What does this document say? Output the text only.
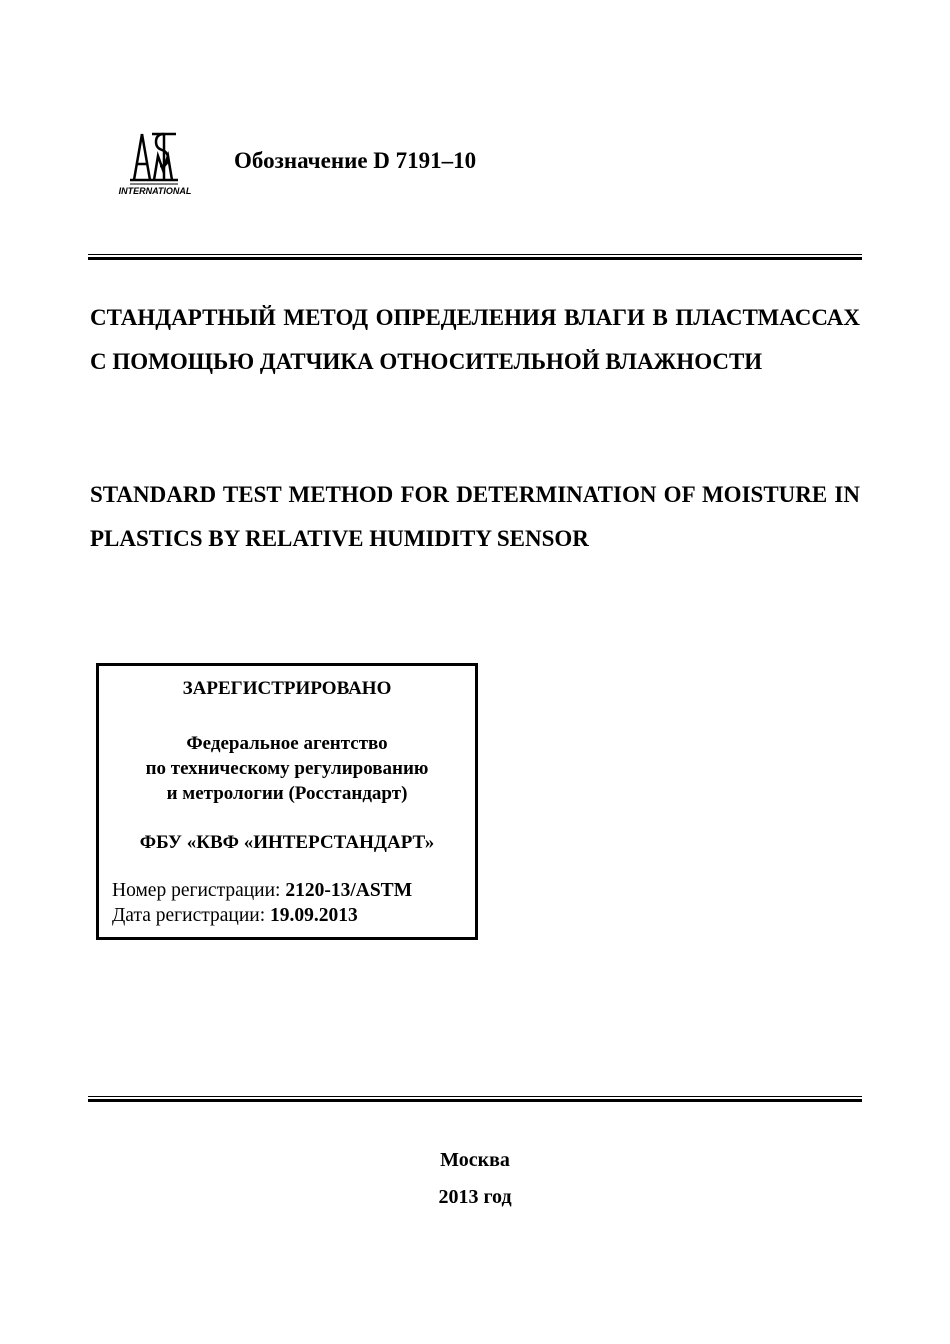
INTERNATIONAL
Обозначение D 7191–10
СТАНДАРТНЫЙ МЕТОД ОПРЕДЕЛЕНИЯ ВЛАГИ В ПЛАСТМАССАХ С ПОМОЩЬЮ ДАТЧИКА ОТНОСИТЕЛЬНОЙ ВЛАЖНОСТИ
STANDARD TEST METHOD FOR DETERMINATION OF MOISTURE IN PLASTICS BY RELATIVE HUMIDITY SENSOR
ЗАРЕГИСТРИРОВАНО
Федеральное агентство
по техническому регулированию
и метрологии (Росстандарт)
ФБУ «КВФ «ИНТЕРСТАНДАРТ»
Номер регистрации: 2120-13/ASTM
Дата регистрации: 19.09.2013
Москва
2013 год
